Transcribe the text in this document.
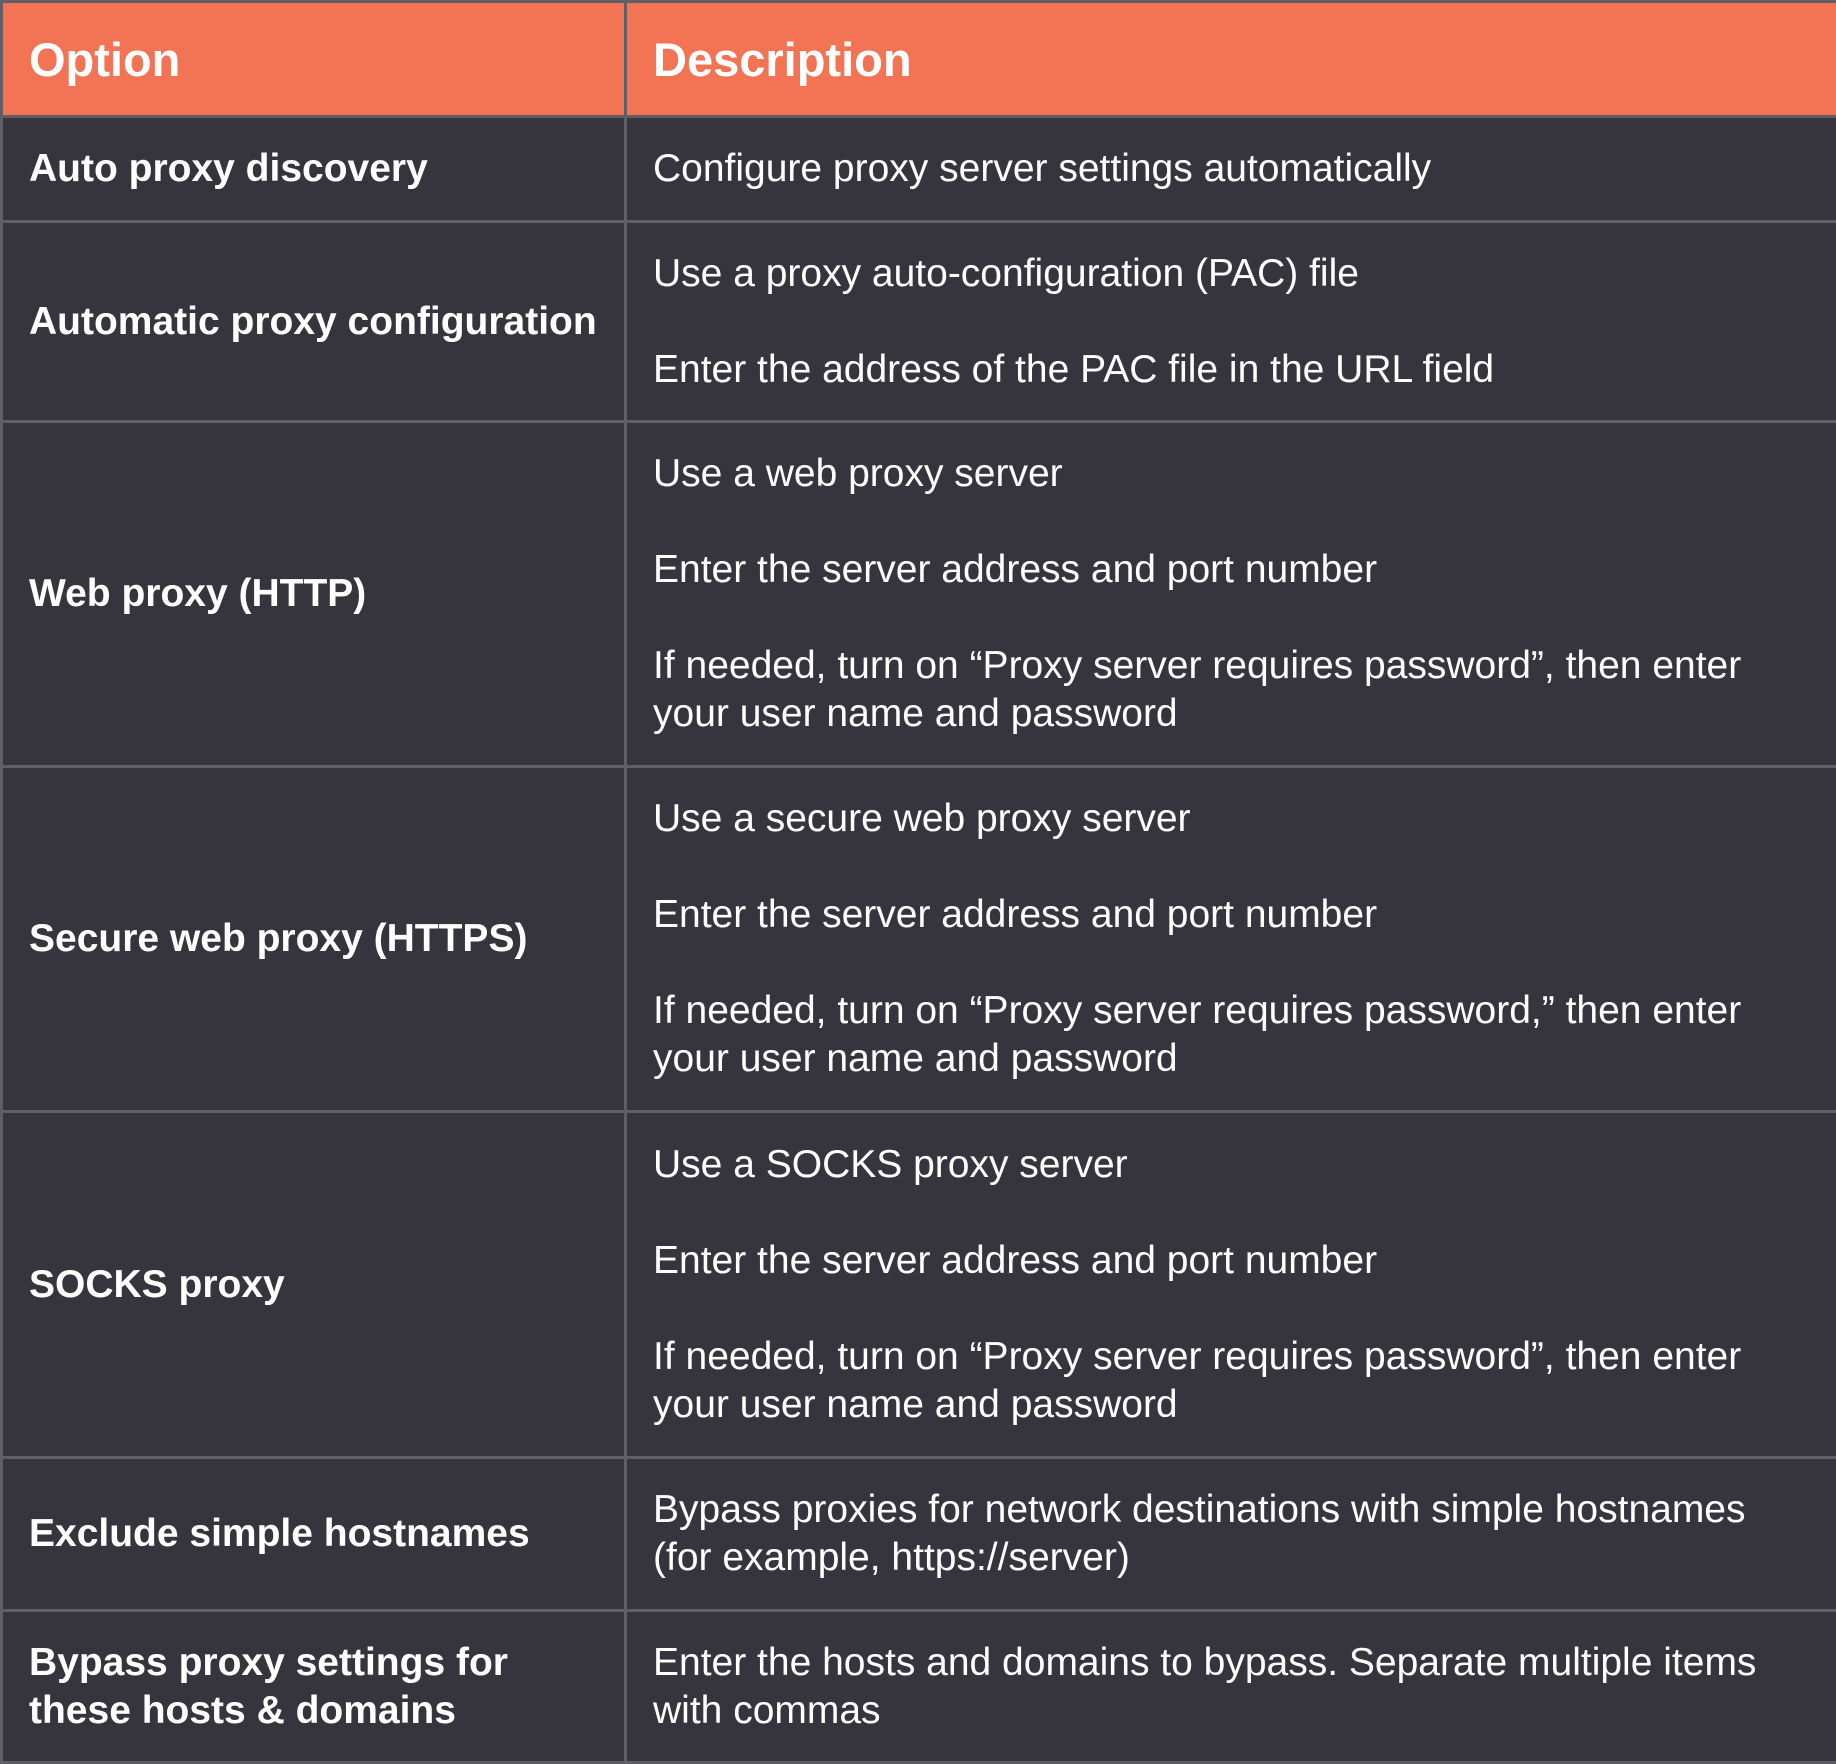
Option	Description
Auto proxy discovery	Configure proxy server settings automatically

Automatic proxy configuration	Use a proxy auto-configuration (PAC) file
Enter the address of the PAC file in the URL field

Web proxy (HTTP)	Use a web proxy server
Enter the server address and port number
If needed, turn on “Proxy server requires password”, then enter your user name and password

Secure web proxy (HTTPS)	Use a secure web proxy server
Enter the server address and port number
If needed, turn on “Proxy server requires password,” then enter your user name and password

SOCKS proxy	Use a SOCKS proxy server
Enter the server address and port number
If needed, turn on “Proxy server requires password”, then enter your user name and password

Exclude simple hostnames	Bypass proxies for network destinations with simple hostnames (for example, https://server)

Bypass proxy settings for these hosts & domains	Enter the hosts and domains to bypass. Separate multiple items with commas
